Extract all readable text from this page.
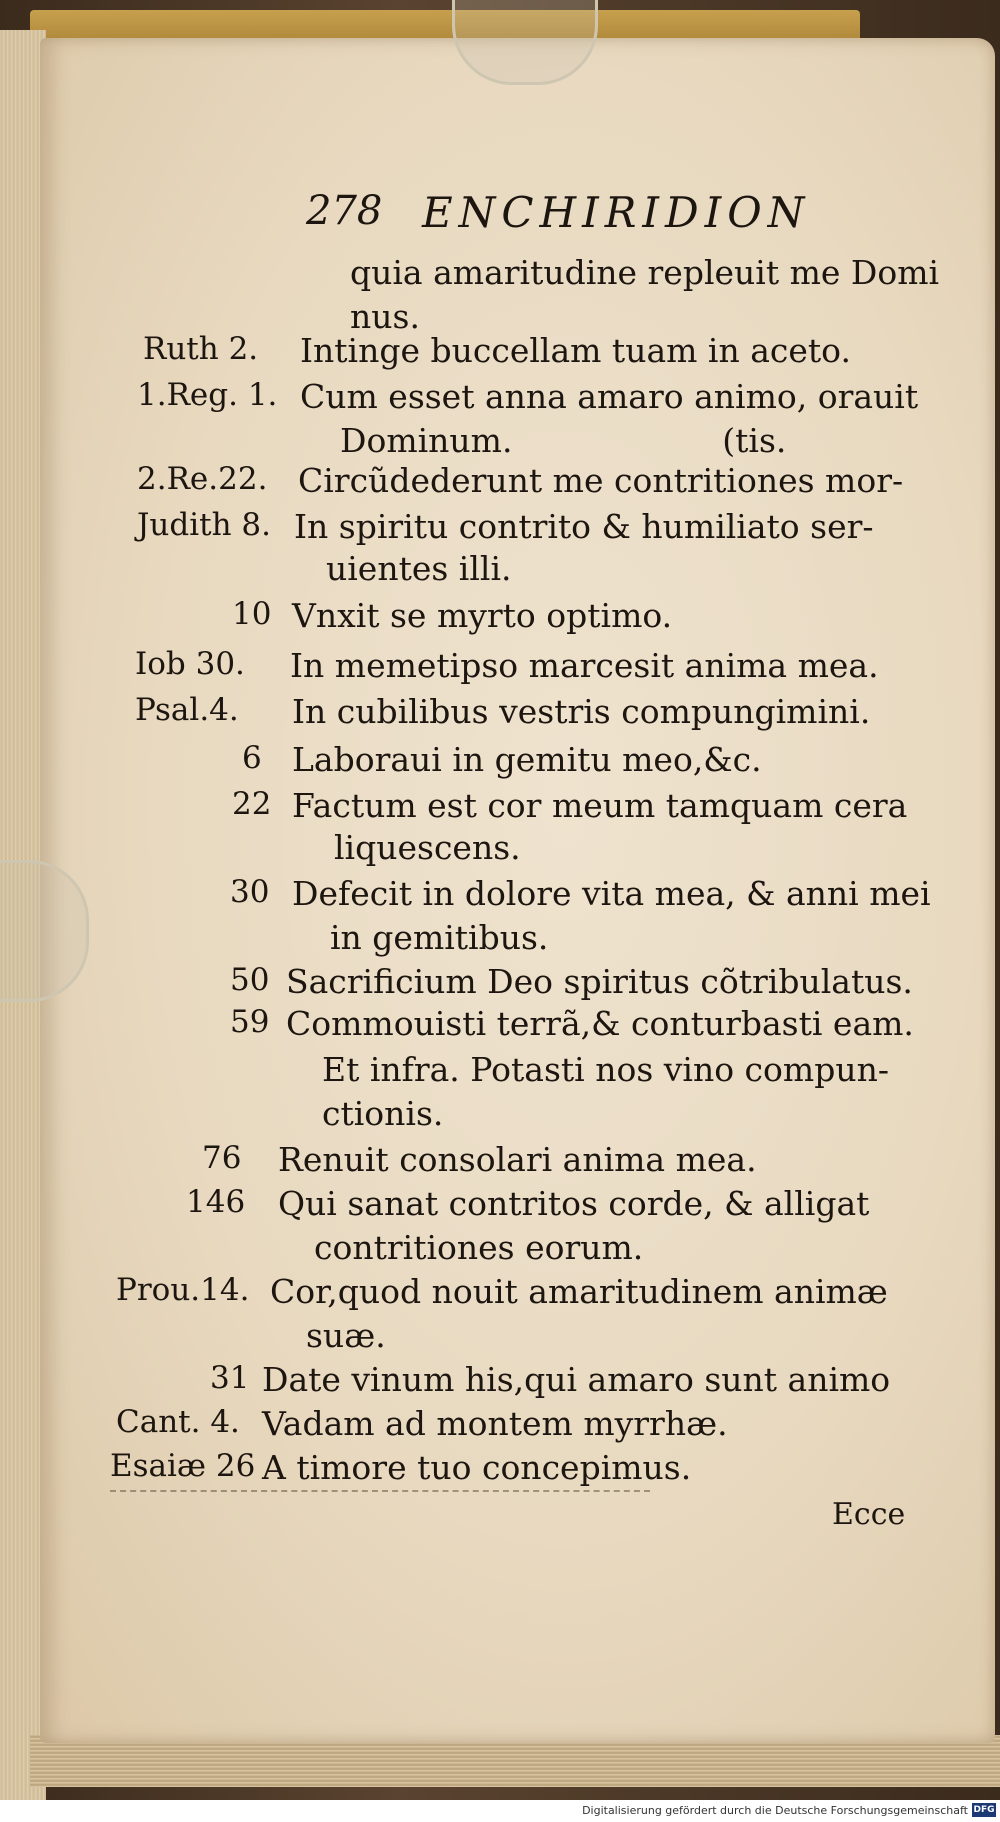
278 ENCHIRIDION
quia amaritudine repleuit me Domi
nus.
Ruth 2. Intinge buccellam tuam in aceto.
1.Reg. 1. Cum esset anna amaro animo, orauit
Dominum.                    (tis.
2.Re.22. Circũdederunt me contritiones mor-
Judith 8. In spiritu contrito & humiliato ser-
uientes illi.
10 Vnxit se myrto optimo.
Iob 30. In memetipso marcesit anima mea.
Psal.4. In cubilibus vestris compungimini.
6 Laboraui in gemitu meo,&c.
22 Factum est cor meum tamquam cera
liquescens.
30 Defecit in dolore vita mea, & anni mei
in gemitibus.
50 Sacrificium Deo spiritus cõtribulatus.
59 Commouisti terrã,& conturbasti eam.
Et infra. Potasti nos vino compun-
ctionis.
76 Renuit consolari anima mea.
146 Qui sanat contritos corde, & alligat
contritiones eorum.
Prou.14. Cor,quod nouit amaritudinem animæ
suæ.
31 Date vinum his,qui amaro sunt animo
Cant. 4. Vadam ad montem myrrhæ.
Esaiæ 26 A timore tuo concepimus.
Ecce
Digitalisierung gefördert durch die Deutsche Forschungsgemeinschaft DFG
